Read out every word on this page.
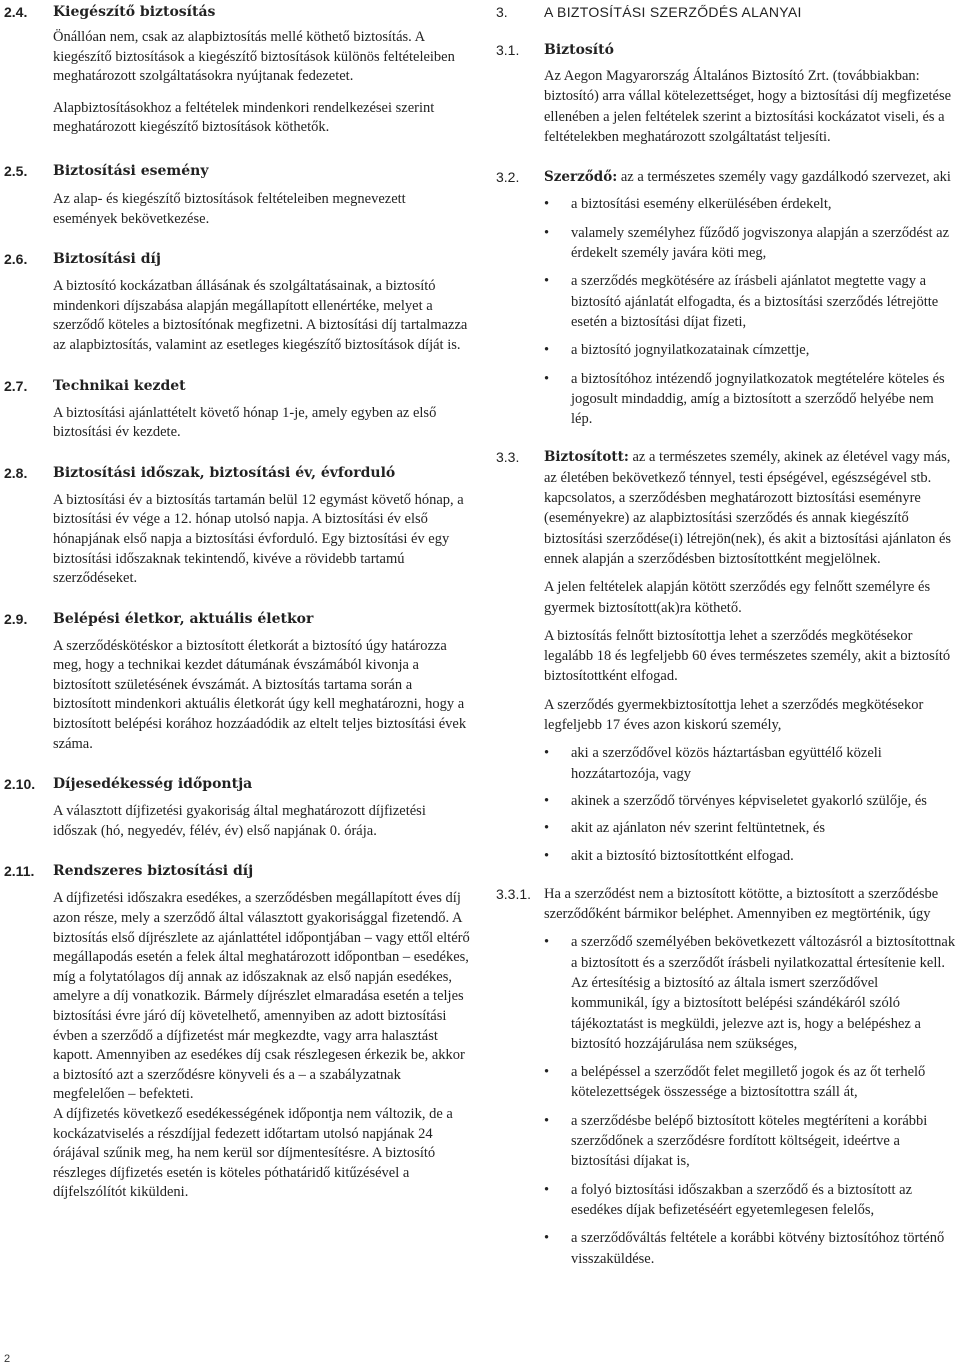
2.4. Kiegészítő biztosítás

Önállóan nem, csak az alapbiztosítás mellé köthető biztosítás. A kiegészítő biztosítások a kiegészítő biztosítások különös feltételeiben meghatározott szolgáltatásokra nyújtanak fedezetet.

Alapbiztosításokhoz a feltételek mindenkori rendelkezései szerint meghatározott kiegészítő biztosítások köthetők.

2.5. Biztosítási esemény

Az alap- és kiegészítő biztosítások feltételeiben megnevezett események bekövetkezése.

2.6. Biztosítási díj

A biztosító kockázatban állásának és szolgáltatásainak, a biztosító mindenkori díjszabása alapján megállapított ellenértéke, melyet a szerződő köteles a biztosítónak megfizetni. A biztosítási díj tartalmazza az alapbiztosítás, valamint az esetleges kiegészítő biztosítások díját is.

2.7. Technikai kezdet

A biztosítási ajánlattételt követő hónap 1-je, amely egyben az első biztosítási év kezdete.

2.8. Biztosítási időszak, biztosítási év, évforduló

A biztosítási év a biztosítás tartamán belül 12 egymást követő hónap, a biztosítási év vége a 12. hónap utolsó napja. A biztosítási év első hónapjának első napja a biztosítási évforduló. Egy biztosítási év egy biztosítási időszaknak tekintendő, kivéve a rövidebb tartamú szerződéseket.

2.9. Belépési életkor, aktuális életkor

A szerződéskötéskor a biztosított életkorát a biztosító úgy határozza meg, hogy a technikai kezdet dátumának évszámából kivonja a biztosított születésének évszámát. A biztosítás tartama során a biztosított mindenkori aktuális életkorát úgy kell meghatározni, hogy a biztosított belépési korához hozzáadódik az eltelt teljes biztosítási évek száma.

2.10. Díjesedékesség időpontja

A választott díjfizetési gyakoriság által meghatározott díjfizetési időszak (hó, negyedév, félév, év) első napjának 0. órája.

2.11. Rendszeres biztosítási díj

A díjfizetési időszakra esedékes, a szerződésben megállapított éves díj azon része, mely a szerződő által választott gyakorisággal fizetendő. A biztosítás első díjrészlete az ajánlattétel időpontjában – vagy ettől eltérő megállapodás esetén a felek által meghatározott időpontban – esedékes, míg a folytatólagos díj annak az időszaknak az első napján esedékes, amelyre a díj vonatkozik. Bármely díjrészlet elmaradása esetén a teljes biztosítási évre járó díj követelhető, amennyiben az adott biztosítási évben a szerződő a díjfizetést már megkezdte, vagy arra halasztást kapott. Amennyiben az esedékes díj csak részlegesen érkezik be, akkor a biztosító azt a szerződésre könyveli és a – a szabályzatnak megfelelően – befekteti.

A díjfizetés következő esedékességének időpontja nem változik, de a kockázatviselés a részdíjjal fedezett időtartam utolsó napjának 24 órájával szűnik meg, ha nem kerül sor díjmentesítésre. A biztosító részleges díjfizetés esetén is köteles póthatáridő kitűzésével a díjfelszólítót kiküldeni.

3.	A BIZTOSÍTÁSI SZERZŐDÉS ALANYAI
3.1. Biztosító

Az Aegon Magyarország Általános Biztosító Zrt. (továbbiakban: biztosító) arra vállal kötelezettséget, hogy a biztosítási díj megfizetése ellenében a jelen feltételek szerint a biztosítási kockázatot viseli, és a feltételekben meghatározott szolgáltatást teljesíti.

3.2. Szerződő: az a természetes személy vagy gazdálkodó szervezet, aki

• a biztosítási esemény elkerülésében érdekelt,
• valamely személyhez fűződő jogviszonya alapján a szerződést az érdekelt személy javára köti meg,
• a szerződés megkötésére az írásbeli ajánlatot megtette vagy a biztosító ajánlatát elfogadta, és a biztosítási szerződés létrejötte esetén a biztosítási díjat fizeti,
• a biztosító jognyilatkozatainak címzettje,
• a biztosítóhoz intézendő jognyilatkozatok megtételére köteles és jogosult mindaddig, amíg a biztosított a szerződő helyébe nem lép.
3.3. Biztosított: az a természetes személy, akinek az életével vagy más, az életében bekövetkező ténnyel, testi épségével, egészségével stb. kapcsolatos, a szerződésben meghatározott biztosítási eseményre (eseményekre) az alapbiztosítási szerződés és annak kiegészítő biztosítási szerződése(i) létrejön(nek), és akit a biztosítási ajánlaton és ennek alapján a szerződésben biztosítottként megjelölnek.

A jelen feltételek alapján kötött szerződés egy felnőtt személyre és gyermek biztosított(ak)ra köthető.

A biztosítás felnőtt biztosítottja lehet a szerződés megkötésekor legalább 18 és legfeljebb 60 éves természetes személy, akit a biztosító biztosítottként elfogad.

A szerződés gyermekbiztosítottja lehet a szerződés megkötésekor legfeljebb 17 éves azon kiskorú személy,

• aki a szerződővel közös háztartásban együttélő közeli hozzátartozója, vagy
• akinek a szerződő törvényes képviseletet gyakorló szülője, és
• akit az ajánlaton név szerint feltüntetnek, és
• akit a biztosító biztosítottként elfogad.
3.3.1. Ha a szerződést nem a biztosított kötötte, a biztosított a szerződésbe szerződőként bármikor beléphet. Amennyiben ez megtörténik, úgy

• a szerződő személyében bekövetkezett változásról a biztosítottnak a biztosított és a szerződőt írásbeli nyilatkozattal értesítenie kell. Az értesítésig a biztosító az általa ismert szerződővel kommunikál, így a biztosított belépési szándékáról szóló tájékoztatást is megküldi, jelezve azt is, hogy a belépéshez a biztosító hozzájárulása nem szükséges,
• a belépéssel a szerződőt felet megillető jogok és az őt terhelő kötelezettségek összessége a biztosítottra száll át,
• a szerződésbe belépő biztosított köteles megtéríteni a korábbi szerződőnek a szerződésre fordított költségeit, ideértve a biztosítási díjakat is,
• a folyó biztosítási időszakban a szerződő és a biztosított az esedékes díjak befizetéséért egyetemlegesen felelős,
• a szerződőváltás feltétele a korábbi kötvény biztosítóhoz történő visszaküldése.
2
